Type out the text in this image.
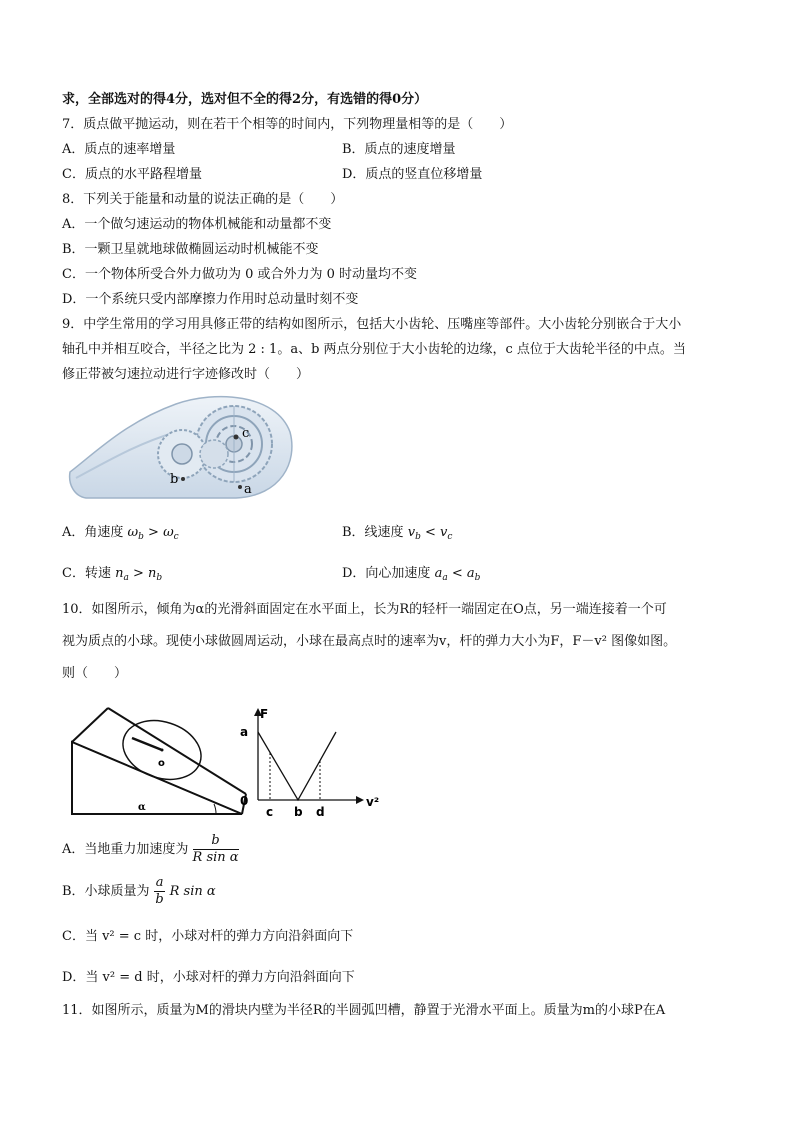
求，全部选对的得4分，选对但不全的得2分，有选错的得0分）
7．质点做平抛运动，则在若干个相等的时间内，下列物理量相等的是（　　）
A．质点的速率增量	B．质点的速度增量
C．质点的水平路程增量	D．质点的竖直位移增量
8．下列关于能量和动量的说法正确的是（　　）
A．一个做匀速运动的物体机械能和动量都不变
B．一颗卫星就地球做椭圆运动时机械能不变
C．一个物体所受合外力做功为 0 或合外力为 0 时动量均不变
D．一个系统只受内部摩擦力作用时总动量时刻不变
9．中学生常用的学习用具修正带的结构如图所示，包括大小齿轮、压嘴座等部件。大小齿轮分别嵌合于大小
轴孔中并相互咬合，半径之比为 2 : 1。a、b 两点分别位于大小齿轮的边缘，c 点位于大齿轮半径的中点。当
修正带被匀速拉动进行字迹修改时（　　）
c
b
a
A．角速度 $\omega_b > \omega_c$	B．线速度 $v_b < v_c$
C．转速 $n_a > n_b$	D．向心加速度 $a_a < a_b$
10．如图所示，倾角为α的光滑斜面固定在水平面上，长为R的轻杆一端固定在O点，另一端连接着一个可
视为质点的小球。现使小球做圆周运动，小球在最高点时的速率为v，杆的弹力大小为F，F－v² 图像如图。
则（　　）
o
α
F
a
0
c b d
v²
A．当地重力加速度为 $\frac{b}{\text{R sin α}}$
B．小球质量为 $\frac{a}{b}$ R sin α
C．当 v² = c 时，小球对杆的弹力方向沿斜面向下
D．当 v² = d 时，小球对杆的弹力方向沿斜面向下
11．如图所示，质量为M的滑块内壁为半径R的半圆弧凹槽，静置于光滑水平面上。质量为m的小球P在A
